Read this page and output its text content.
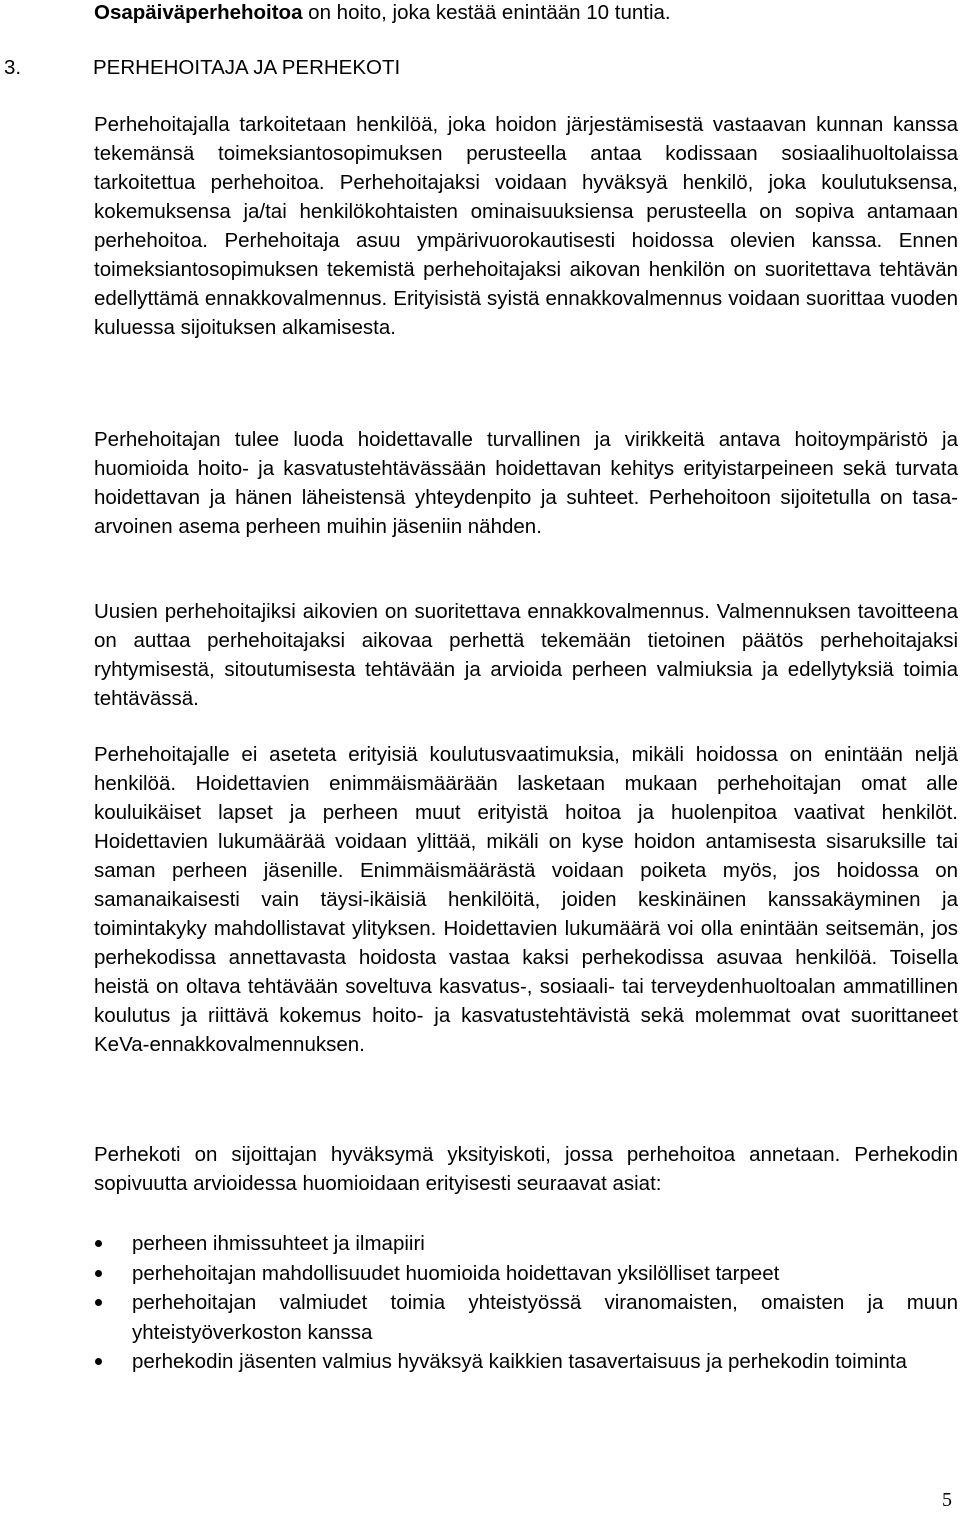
Osapäiväperhehoitoa on hoito, joka kestää enintään 10 tuntia.

3.	PERHEHOITAJA JA PERHEKOTI

Perhehoitajalla tarkoitetaan henkilöä, joka hoidon järjestämisestä vastaavan kunnan kanssa tekemänsä toimeksiantosopimuksen perusteella antaa kodissaan sosiaalihuoltolaissa tarkoitettua perhehoitoa. Perhehoitajaksi voidaan hyväksyä henkilö, joka koulutuksensa, kokemuksensa ja/tai henkilökohtaisten ominaisuuksiensa perusteella on sopiva antamaan perhehoitoa. Perhehoitaja asuu ympärivuorokautisesti hoidossa olevien kanssa. Ennen toimeksiantosopimuksen tekemistä perhehoitajaksi aikovan henkilön on suoritettava tehtävän edellyttämä ennakkovalmennus. Erityisistä syistä ennakkovalmennus voidaan suorittaa vuoden kuluessa sijoituksen alkamisesta.

Perhehoitajan tulee luoda hoidettavalle turvallinen ja virikkeitä antava hoitoympäristö ja huomioida hoito- ja kasvatustehtävässään hoidettavan kehitys erityistarpeineen sekä turvata hoidettavan ja hänen läheistensä yhteydenpito ja suhteet. Perhehoitoon sijoitetulla on tasa-arvoinen asema perheen muihin jäseniin nähden.

Uusien perhehoitajiksi aikovien on suoritettava ennakkovalmennus. Valmennuksen tavoitteena on auttaa perhehoitajaksi aikovaa perhettä tekemään tietoinen päätös perhehoitajaksi ryhtymisestä, sitoutumisesta tehtävään ja arvioida perheen valmiuksia ja edellytyksiä toimia tehtävässä.

Perhehoitajalle ei aseteta erityisiä koulutusvaatimuksia, mikäli hoidossa on enintään neljä henkilöä. Hoidettavien enimmäismäärään lasketaan mukaan perhehoitajan omat alle kouluikäiset lapset ja perheen muut erityistä hoitoa ja huolenpitoa vaativat henkilöt. Hoidettavien lukumäärää voidaan ylittää, mikäli on kyse hoidon antamisesta sisaruksille tai saman perheen jäsenille. Enimmäismäärästä voidaan poiketa myös, jos hoidossa on samanaikaisesti vain täysi-ikäisiä henkilöitä, joiden keskinäinen kanssakäyminen ja toimintakyky mahdollistavat ylityksen. Hoidettavien lukumäärä voi olla enintään seitsemän, jos perhekodissa annettavasta hoidosta vastaa kaksi perhekodissa asuvaa henkilöä. Toisella heistä on oltava tehtävään soveltuva kasvatus-, sosiaali- tai terveydenhuoltoalan ammatillinen koulutus ja riittävä kokemus hoito- ja kasvatustehtävistä sekä molemmat ovat suorittaneet KeVa-ennakkovalmennuksen.

Perhekoti on sijoittajan hyväksymä yksityiskoti, jossa perhehoitoa annetaan. Perhekodin sopivuutta arvioidessa huomioidaan erityisesti seuraavat asiat:

perheen ihmissuhteet ja ilmapiiri
perhehoitajan mahdollisuudet huomioida hoidettavan yksilölliset tarpeet
perhehoitajan valmiudet toimia yhteistyössä viranomaisten, omaisten ja muun yhteistyöverkoston kanssa
perhekodin jäsenten valmius hyväksyä kaikkien tasavertaisuus ja perhekodin toiminta
5
